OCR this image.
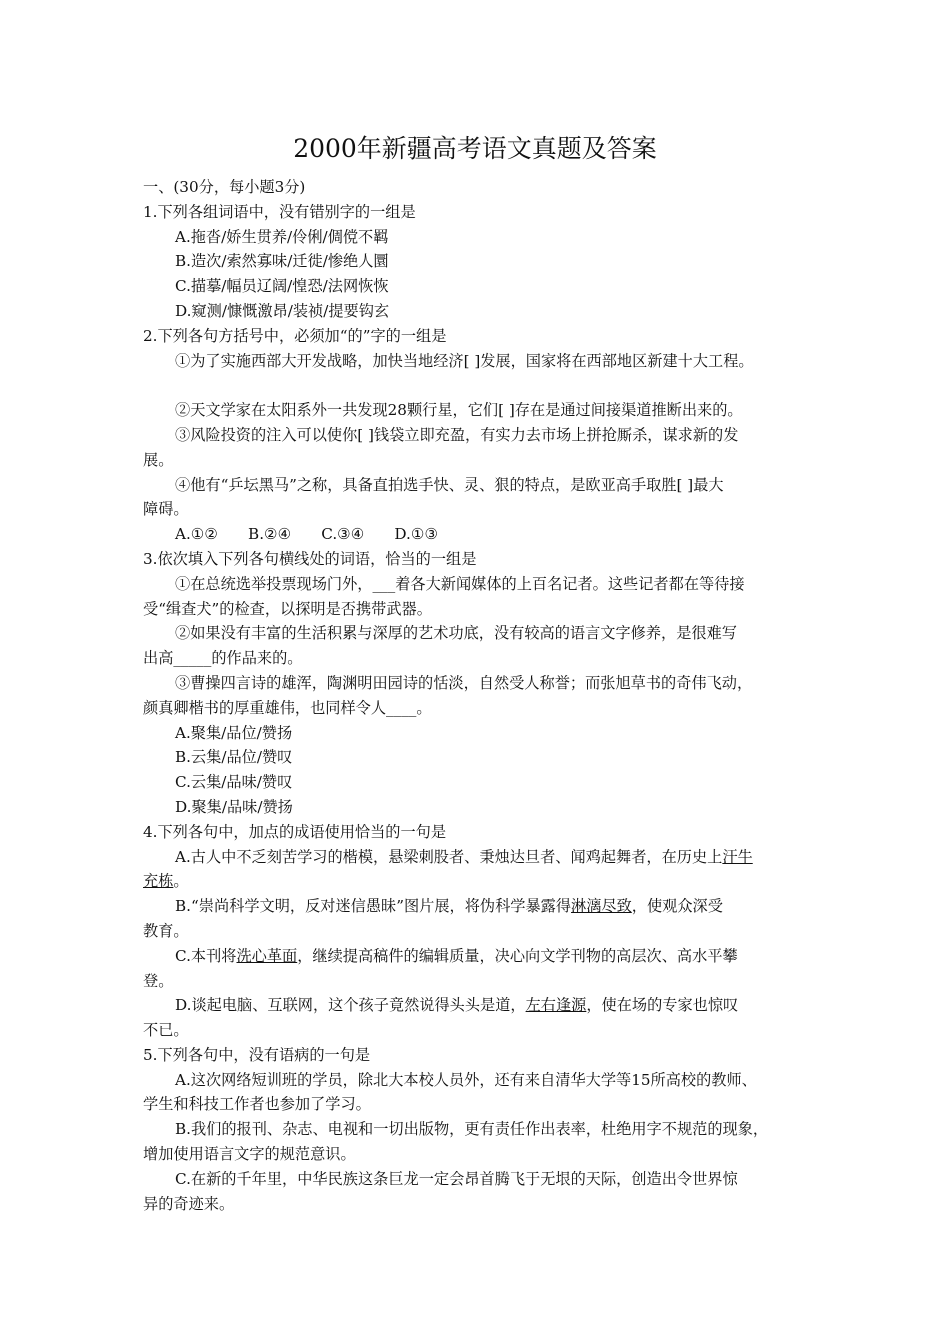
2000年新疆高考语文真题及答案
一、(30分，每小题3分)
1.下列各组词语中，没有错别字的一组是
A.拖沓/娇生贯养/伶俐/倜傥不羁
B.造次/索然寡味/迁徙/惨绝人圜
C.描摹/幅员辽阔/惶恐/法网恢恢
D.窥测/慷慨激昂/装祯/提要钩玄
2.下列各句方括号中，必须加“的”字的一组是
①为了实施西部大开发战略，加快当地经济[ ]发展，国家将在西部地区新建十大工程。
②天文学家在太阳系外一共发现28颗行星，它们[ ]存在是通过间接渠道推断出来的。
③风险投资的注入可以使你[ ]钱袋立即充盈，有实力去市场上拼抢厮杀，谋求新的发
展。
④他有“乒坛黑马”之称，具备直拍选手快、灵、狠的特点，是欧亚高手取胜[ ]最大
障碍。
A.①② B.②④ C.③④ D.①③
3.依次填入下列各句横线处的词语，恰当的一组是
①在总统选举投票现场门外，___着各大新闻媒体的上百名记者。这些记者都在等待接
受“缉查犬”的检查，以探明是否携带武器。
②如果没有丰富的生活积累与深厚的艺术功底，没有较高的语言文字修养，是很难写
出高_____的作品来的。
③曹操四言诗的雄浑，陶渊明田园诗的恬淡，自然受人称誉；而张旭草书的奇伟飞动，
颜真卿楷书的厚重雄伟，也同样令人____。
A.聚集/品位/赞扬
B.云集/品位/赞叹
C.云集/品味/赞叹
D.聚集/品味/赞扬
4.下列各句中，加点的成语使用恰当的一句是
A.古人中不乏刻苦学习的楷模，悬梁刺股者、秉烛达旦者、闻鸡起舞者，在历史上汗牛
充栋。
B.“崇尚科学文明，反对迷信愚昧”图片展，将伪科学暴露得淋漓尽致，使观众深受
教育。
C.本刊将洗心革面，继续提高稿件的编辑质量，决心向文学刊物的高层次、高水平攀
登。
D.谈起电脑、互联网，这个孩子竟然说得头头是道，左右逢源，使在场的专家也惊叹
不已。
5.下列各句中，没有语病的一句是
A.这次网络短训班的学员，除北大本校人员外，还有来自清华大学等15所高校的教师、
学生和科技工作者也参加了学习。
B.我们的报刊、杂志、电视和一切出版物，更有责任作出表率，杜绝用字不规范的现象，
增加使用语言文字的规范意识。
C.在新的千年里，中华民族这条巨龙一定会昂首腾飞于无垠的天际，创造出令世界惊
异的奇迹来。
